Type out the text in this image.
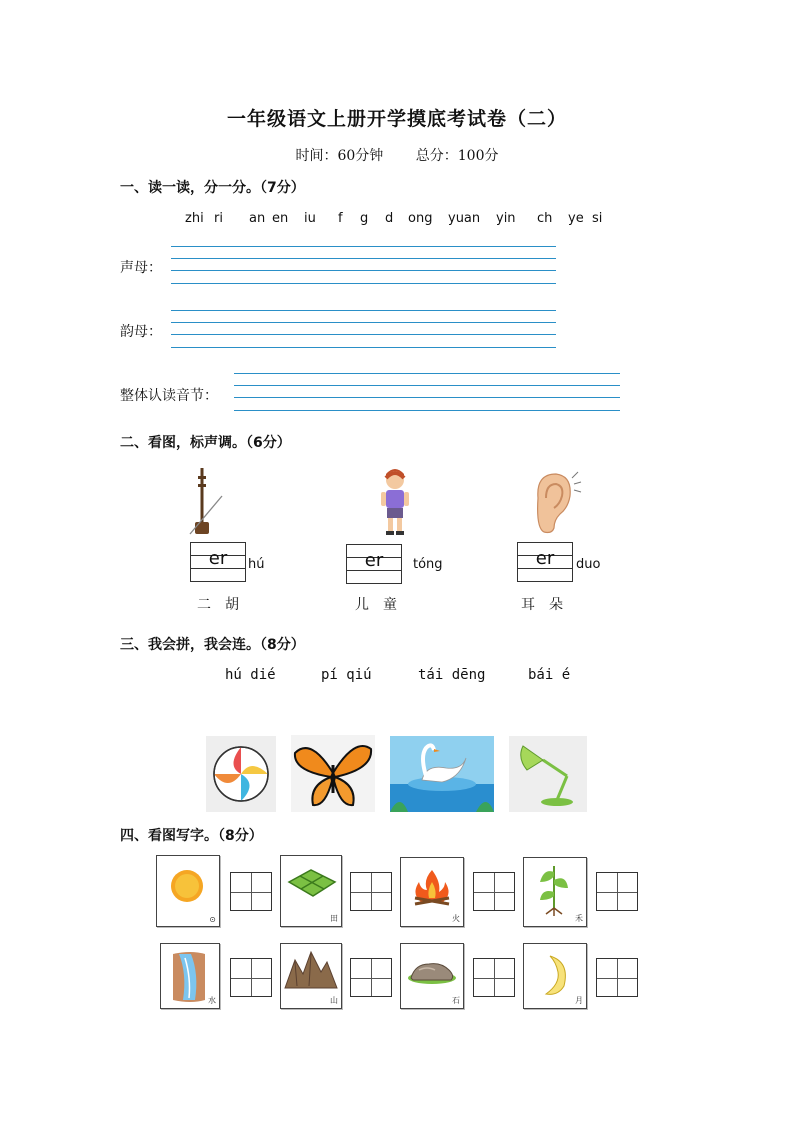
一年级语文上册开学摸底考试卷（二）
时间：60分钟 总分：100分
一、读一读，分一分。（7分）
zhi ri an en iu f g d ong yuan yin ch ye si
声母：
韵母：
整体认读音节：
二、看图，标声调。（6分）
er	hú
二胡
er	tóng
儿童
er	duo
耳朵
三、我会拼，我会连。（8分）
hú dié	pí qiú	tái dēng	bái é
四、看图写字。（8分）
⊙	田	火	禾
水	山	石	月
